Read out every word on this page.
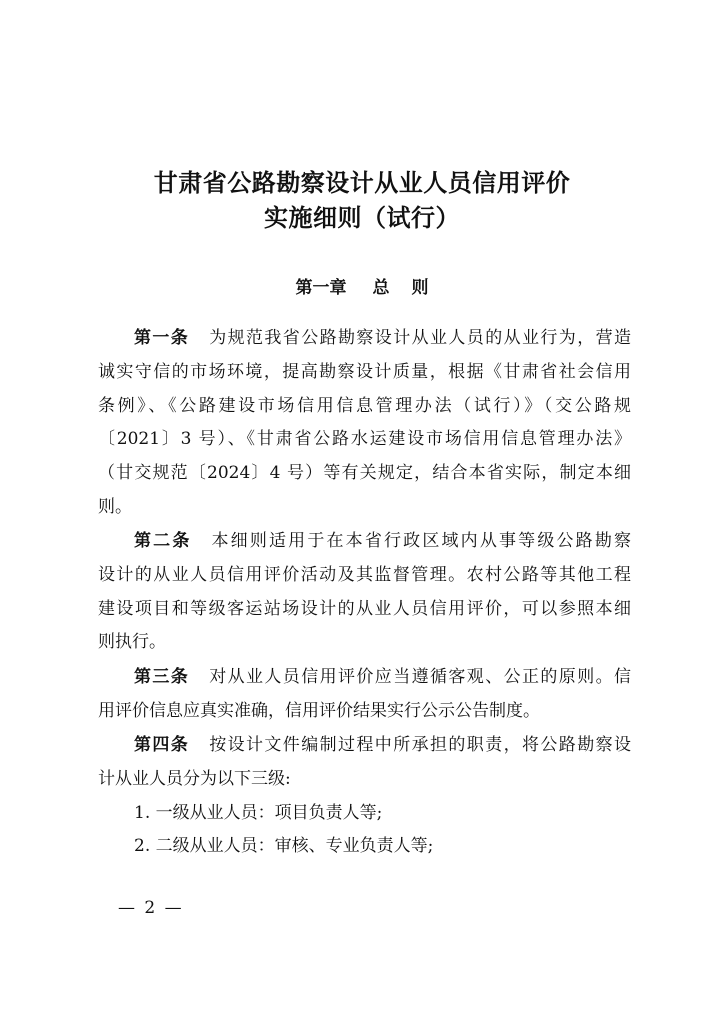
甘肃省公路勘察设计从业人员信用评价
实施细则（试行）
第一章 总 则
第一条 为规范我省公路勘察设计从业人员的从业行为，营造
诚实守信的市场环境，提高勘察设计质量，根据《甘肃省社会信用
条例》、《公路建设市场信用信息管理办法（试行）》（交公路规
〔2021〕3 号）、《甘肃省公路水运建设市场信用信息管理办法》
（甘交规范〔2024〕4 号）等有关规定，结合本省实际，制定本细
则。
第二条 本细则适用于在本省行政区域内从事等级公路勘察
设计的从业人员信用评价活动及其监督管理。农村公路等其他工程
建设项目和等级客运站场设计的从业人员信用评价，可以参照本细
则执行。
第三条 对从业人员信用评价应当遵循客观、公正的原则。信
用评价信息应真实准确，信用评价结果实行公示公告制度。
第四条 按设计文件编制过程中所承担的职责，将公路勘察设
计从业人员分为以下三级:
1. 一级从业人员：项目负责人等;
2. 二级从业人员：审核、专业负责人等;
— 2 —
